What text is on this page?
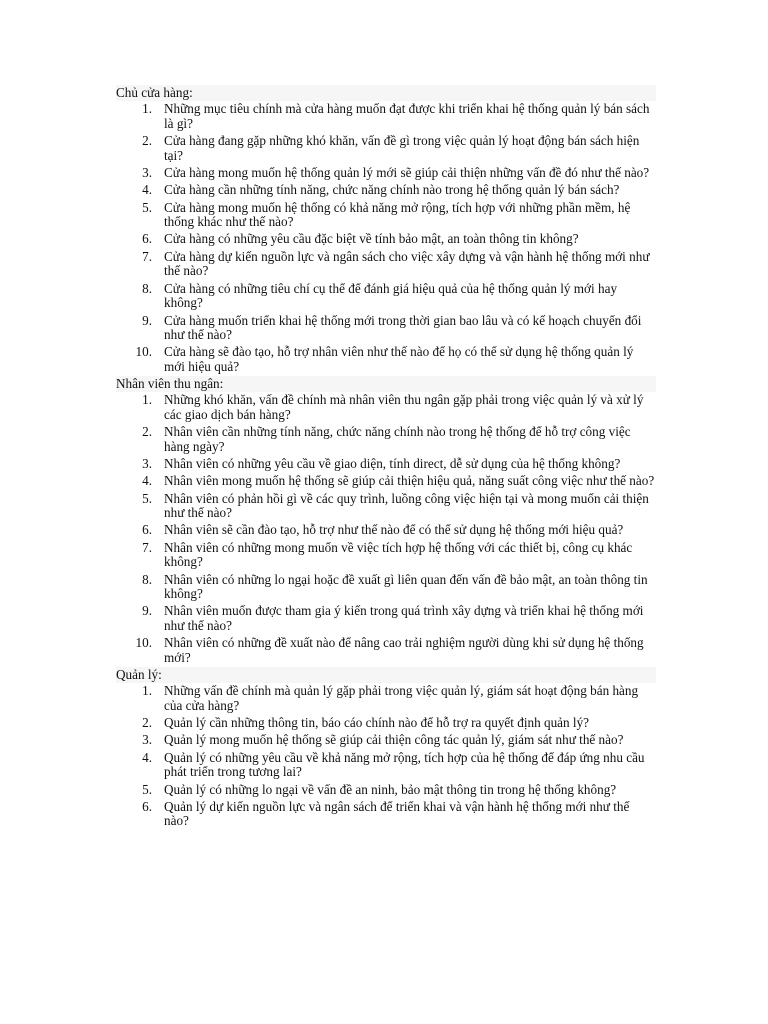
Chủ cửa hàng:
1. Những mục tiêu chính mà cửa hàng muốn đạt được khi triển khai hệ thống quản lý bán sách là gì?
2. Cửa hàng đang gặp những khó khăn, vấn đề gì trong việc quản lý hoạt động bán sách hiện tại?
3. Cửa hàng mong muốn hệ thống quản lý mới sẽ giúp cải thiện những vấn đề đó như thế nào?
4. Cửa hàng cần những tính năng, chức năng chính nào trong hệ thống quản lý bán sách?
5. Cửa hàng mong muốn hệ thống có khả năng mở rộng, tích hợp với những phần mềm, hệ thống khác như thế nào?
6. Cửa hàng có những yêu cầu đặc biệt về tính bảo mật, an toàn thông tin không?
7. Cửa hàng dự kiến nguồn lực và ngân sách cho việc xây dựng và vận hành hệ thống mới như thế nào?
8. Cửa hàng có những tiêu chí cụ thể để đánh giá hiệu quả của hệ thống quản lý mới hay không?
9. Cửa hàng muốn triển khai hệ thống mới trong thời gian bao lâu và có kế hoạch chuyển đổi như thế nào?
10. Cửa hàng sẽ đào tạo, hỗ trợ nhân viên như thế nào để họ có thể sử dụng hệ thống quản lý mới hiệu quả?
Nhân viên thu ngân:
1. Những khó khăn, vấn đề chính mà nhân viên thu ngân gặp phải trong việc quản lý và xử lý các giao dịch bán hàng?
2. Nhân viên cần những tính năng, chức năng chính nào trong hệ thống để hỗ trợ công việc hàng ngày?
3. Nhân viên có những yêu cầu về giao diện, tính direct, dễ sử dụng của hệ thống không?
4. Nhân viên mong muốn hệ thống sẽ giúp cải thiện hiệu quả, năng suất công việc như thế nào?
5. Nhân viên có phản hồi gì về các quy trình, luồng công việc hiện tại và mong muốn cải thiện như thế nào?
6. Nhân viên sẽ cần đào tạo, hỗ trợ như thế nào để có thể sử dụng hệ thống mới hiệu quả?
7. Nhân viên có những mong muốn về việc tích hợp hệ thống với các thiết bị, công cụ khác không?
8. Nhân viên có những lo ngại hoặc đề xuất gì liên quan đến vấn đề bảo mật, an toàn thông tin không?
9. Nhân viên muốn được tham gia ý kiến trong quá trình xây dựng và triển khai hệ thống mới như thế nào?
10. Nhân viên có những đề xuất nào để nâng cao trải nghiệm người dùng khi sử dụng hệ thống mới?
Quản lý:
1. Những vấn đề chính mà quản lý gặp phải trong việc quản lý, giám sát hoạt động bán hàng của cửa hàng?
2. Quản lý cần những thông tin, báo cáo chính nào để hỗ trợ ra quyết định quản lý?
3. Quản lý mong muốn hệ thống sẽ giúp cải thiện công tác quản lý, giám sát như thế nào?
4. Quản lý có những yêu cầu về khả năng mở rộng, tích hợp của hệ thống để đáp ứng nhu cầu phát triển trong tương lai?
5. Quản lý có những lo ngại về vấn đề an ninh, bảo mật thông tin trong hệ thống không?
6. Quản lý dự kiến nguồn lực và ngân sách để triển khai và vận hành hệ thống mới như thế nào?
